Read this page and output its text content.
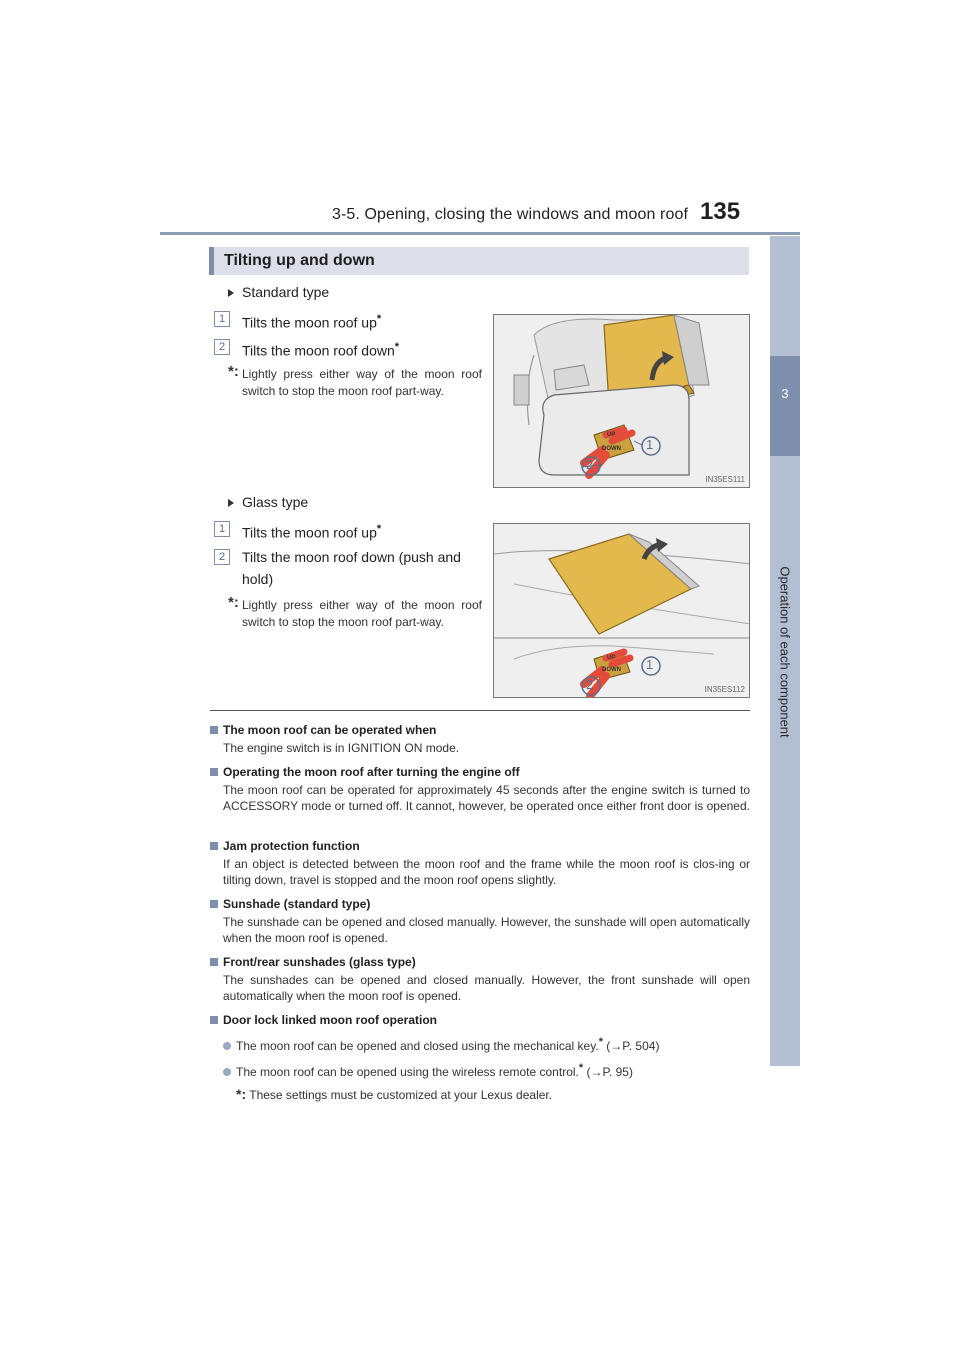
3-5. Opening, closing the windows and moon roof 135
3
Operation of each component
Tilting up and down
Standard type
1	Tilts the moon roof up*
2	Tilts the moon roof down*
*: Lightly press either way of the moon roof switch to stop the moon roof part-way.
1
2
UP
DOWN
IN35ES111
Glass type
1	Tilts the moon roof up*
2	Tilts the moon roof down (push and hold)
*: Lightly press either way of the moon roof switch to stop the moon roof part-way.
1
2
UP
DOWN
IN35ES112
The moon roof can be operated when
The engine switch is in IGNITION ON mode.
Operating the moon roof after turning the engine off
The moon roof can be operated for approximately 45 seconds after the engine switch is turned to ACCESSORY mode or turned off. It cannot, however, be operated once either front door is opened.
Jam protection function
If an object is detected between the moon roof and the frame while the moon roof is clos-ing or tilting down, travel is stopped and the moon roof opens slightly.
Sunshade (standard type)
The sunshade can be opened and closed manually. However, the sunshade will open automatically when the moon roof is opened.
Front/rear sunshades (glass type)
The sunshades can be opened and closed manually. However, the front sunshade will open automatically when the moon roof is opened.
Door lock linked moon roof operation
The moon roof can be opened and closed using the mechanical key.* (→P. 504)
The moon roof can be opened using the wireless remote control.* (→P. 95)
*: These settings must be customized at your Lexus dealer.
